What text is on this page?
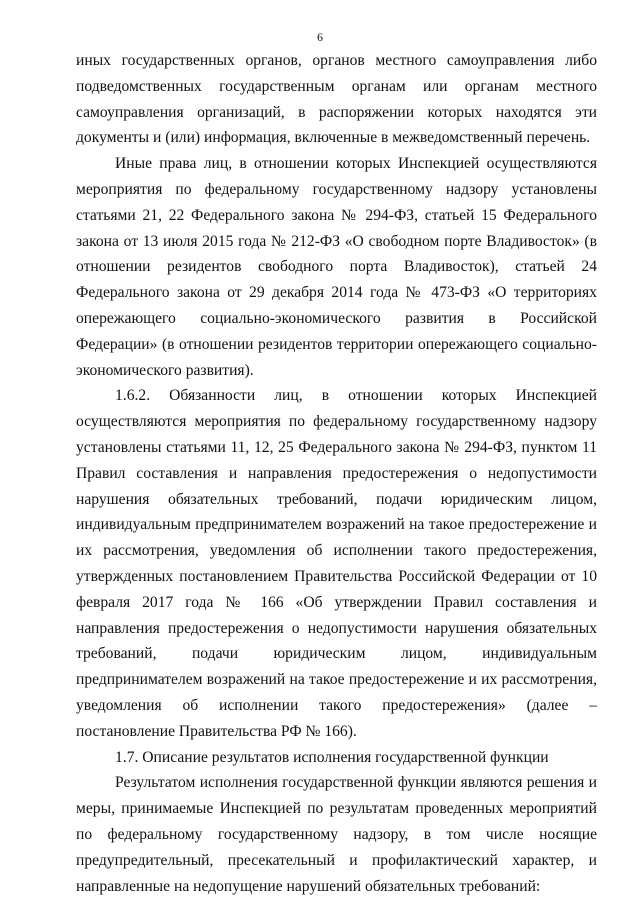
6

иных государственных органов, органов местного самоуправления либо подведомственных государственным органам или органам местного самоуправления организаций, в распоряжении которых находятся эти документы и (или) информация, включенные в межведомственный перечень.

Иные права лиц, в отношении которых Инспекцией осуществляются мероприятия по федеральному государственному надзору установлены статьями 21, 22 Федерального закона № 294-ФЗ, статьей 15 Федерального закона от 13 июля 2015 года № 212-ФЗ «О свободном порте Владивосток» (в отношении резидентов свободного порта Владивосток), статьей 24 Федерального закона от 29 декабря 2014 года № 473-ФЗ «О территориях опережающего социально-экономического развития в Российской Федерации» (в отношении резидентов территории опережающего социально-экономического развития).

1.6.2. Обязанности лиц, в отношении которых Инспекцией осуществляются мероприятия по федеральному государственному надзору установлены статьями 11, 12, 25 Федерального закона № 294-ФЗ, пунктом 11 Правил составления и направления предостережения о недопустимости нарушения обязательных требований, подачи юридическим лицом, индивидуальным предпринимателем возражений на такое предостережение и их рассмотрения, уведомления об исполнении такого предостережения, утвержденных постановлением Правительства Российской Федерации от 10 февраля 2017 года № 166 «Об утверждении Правил составления и направления предостережения о недопустимости нарушения обязательных требований, подачи юридическим лицом, индивидуальным предпринимателем возражений на такое предостережение и их рассмотрения, уведомления об исполнении такого предостережения» (далее – постановление Правительства РФ № 166).

1.7. Описание результатов исполнения государственной функции

Результатом исполнения государственной функции являются решения и меры, принимаемые Инспекцией по результатам проведенных мероприятий по федеральному государственному надзору, в том числе носящие предупредительный, пресекательный и профилактический характер, и направленные на недопущение нарушений обязательных требований:
